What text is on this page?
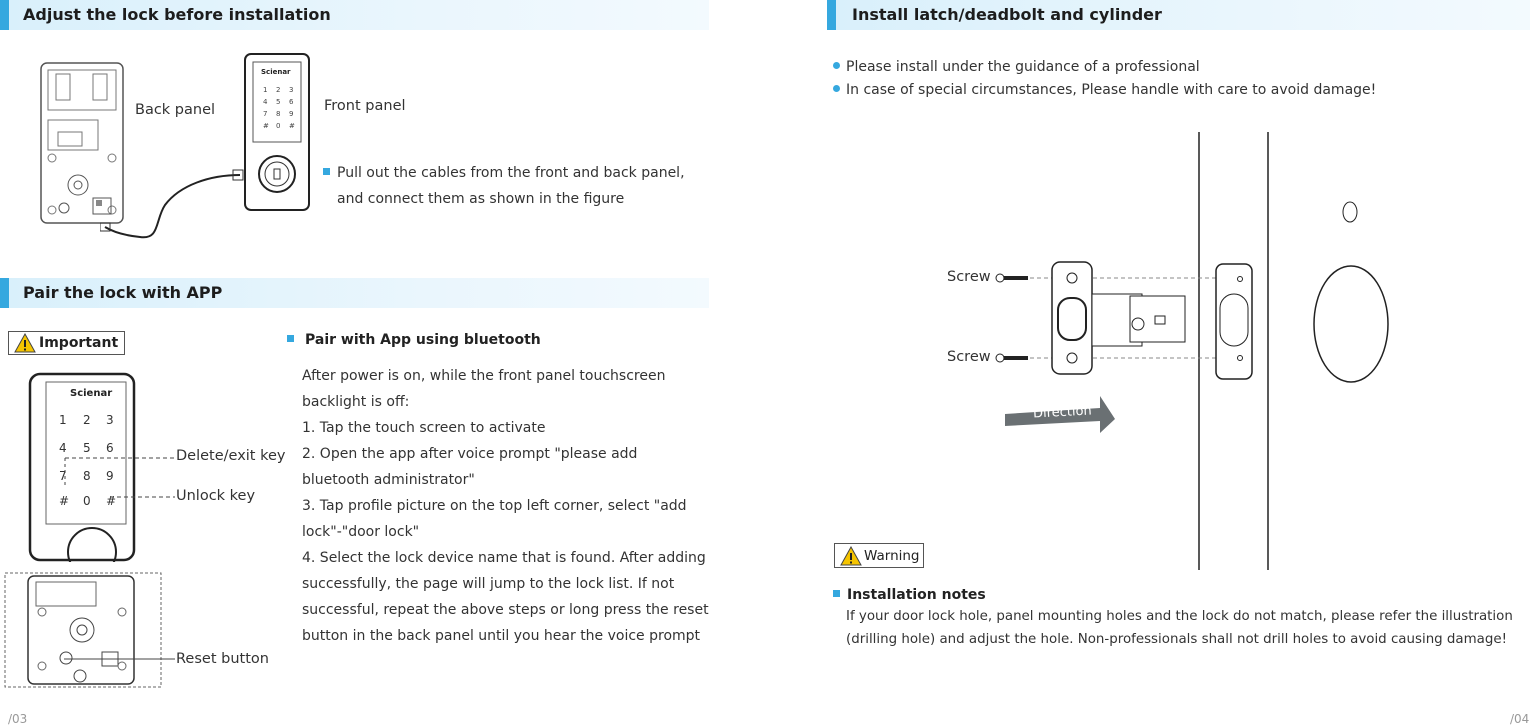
Adjust the lock before installation
Back panel
Scienar
1 2 3
4 5 6
7 8 9
# 0 #
Front panel
Pull out the cables from the front and back panel,
and connect them as shown in the figure
Pair the lock with APP
Important
Scienar
1 2 3
4 5 6
7 8 9
# 0 #
Delete/exit key
Unlock key
Reset button
Pair with App using bluetooth
After power is on, while the front panel touchscreen
backlight is off:
1. Tap the touch screen to activate
2. Open the app after voice prompt "please add
bluetooth administrator"
3. Tap profile picture on the top left corner, select "add
lock"-"door lock"
4. Select the lock device name that is found. After adding
successfully, the page will jump to the lock list. If not
successful, repeat the above steps or long press the reset
button in the back panel until you hear the voice prompt
/03
Install latch/deadbolt and cylinder
Please install under the guidance of a professional
In case of special circumstances, Please handle with care to avoid damage!
Screw
Screw
Direction
Warning
Installation notes
If your door lock hole, panel mounting holes and the lock do not match, please refer the illustration
(drilling hole) and adjust the hole. Non-professionals shall not drill holes to avoid causing damage!
/04
